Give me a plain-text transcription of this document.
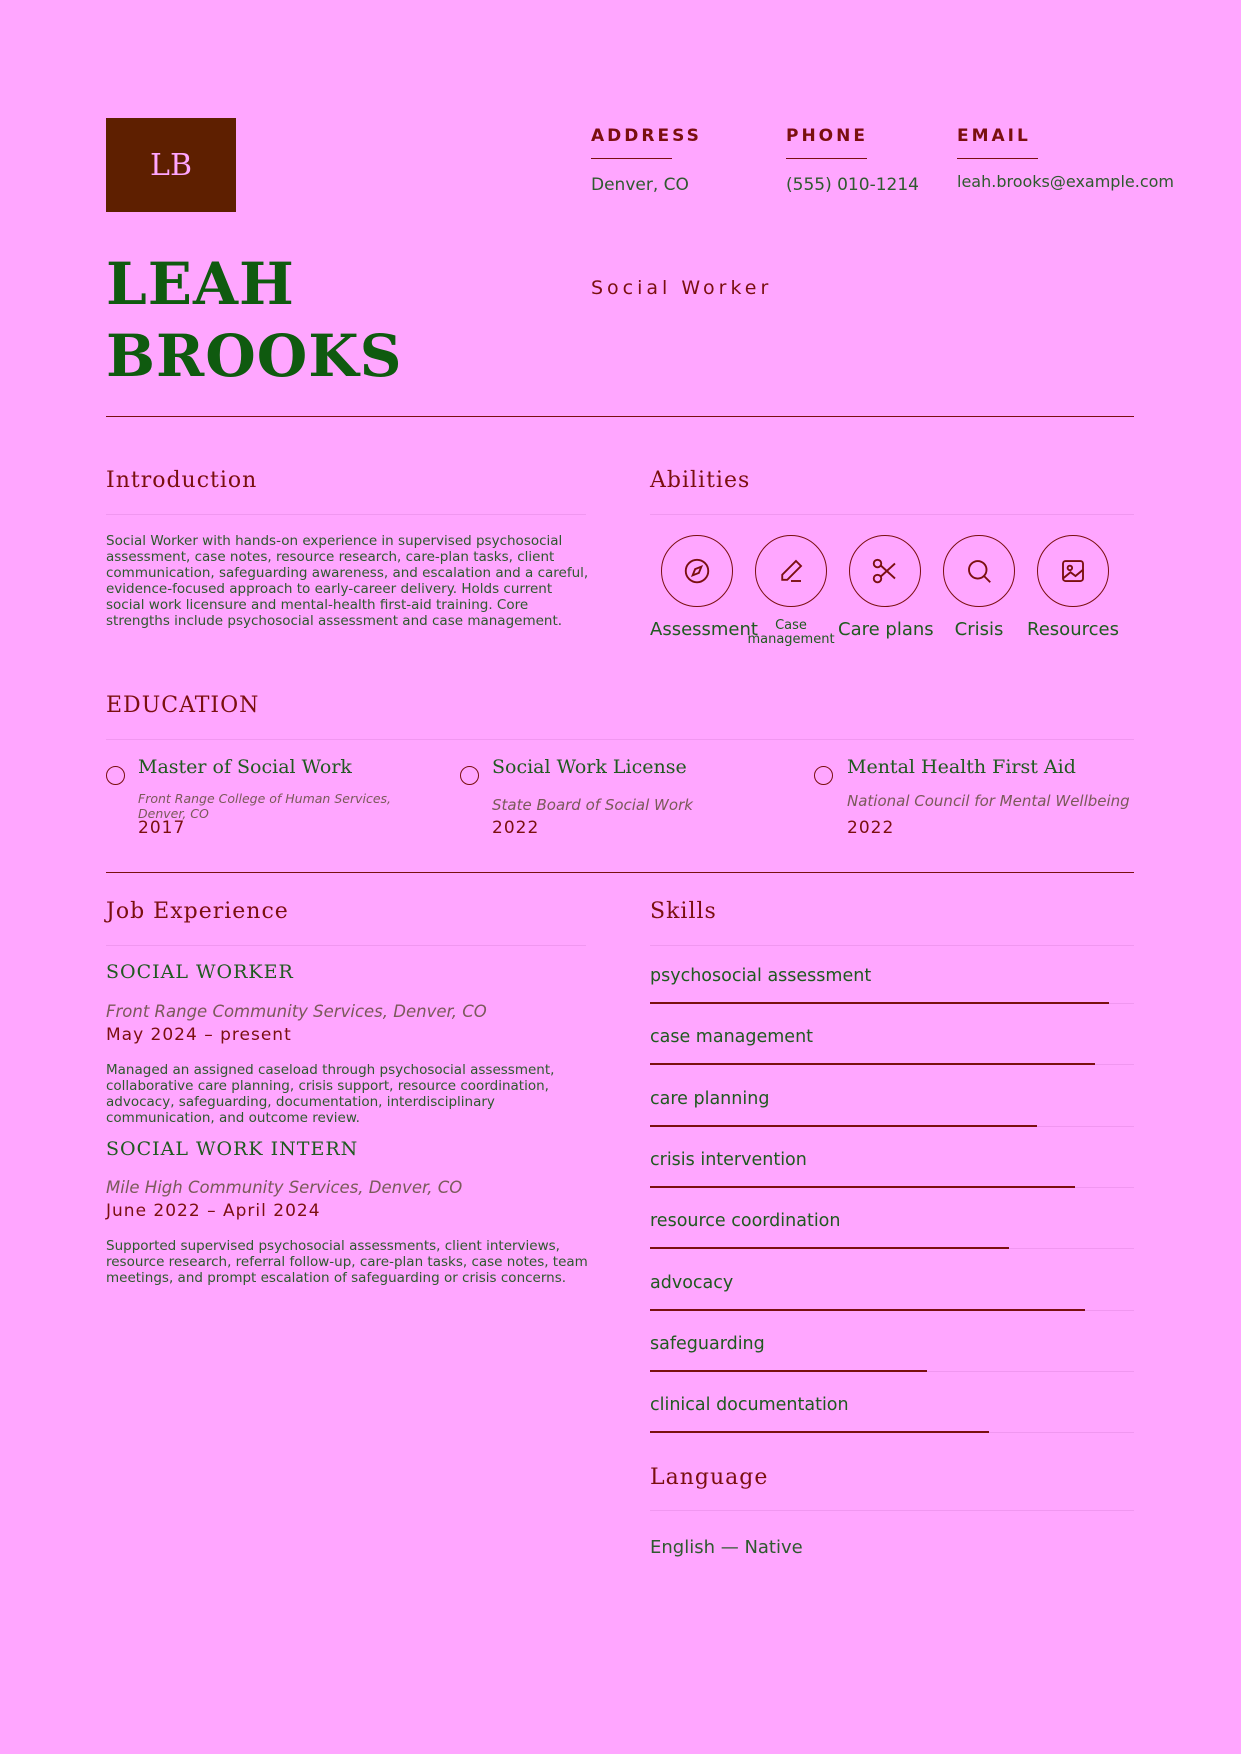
LB
ADDRESS
Denver, CO
PHONE
(555) 010-1214
EMAIL
leah.brooks@example.com
LEAH
BROOKS
Social Worker
Introduction
Social Worker with hands-on experience in supervised psychosocial assessment, case notes, resource research, care-plan tasks, client communication, safeguarding awareness, and escalation and a careful, evidence-focused approach to early-career delivery. Holds current social work licensure and mental-health first-aid training. Core strengths include psychosocial assessment and case management.
Abilities
Assessment	Case management Care plans	Crisis	Resources
EDUCATION
Master of Social Work
Front Range College of Human Services, Denver, CO
2017
Social Work License
State Board of Social Work
2022
Mental Health First Aid
National Council for Mental Wellbeing
2022
Job Experience
SOCIAL WORKER
Front Range Community Services, Denver, CO
May 2024 – present
Managed an assigned caseload through psychosocial assessment, collaborative care planning, crisis support, resource coordination, advocacy, safeguarding, documentation, interdisciplinary communication, and outcome review.
SOCIAL WORK INTERN
Mile High Community Services, Denver, CO
June 2022 – April 2024
Supported supervised psychosocial assessments, client interviews, resource research, referral follow-up, care-plan tasks, case notes, team meetings, and prompt escalation of safeguarding or crisis concerns.
Skills
psychosocial assessment
case management
care planning
crisis intervention
resource coordination
advocacy
safeguarding
clinical documentation
Language
English — Native
